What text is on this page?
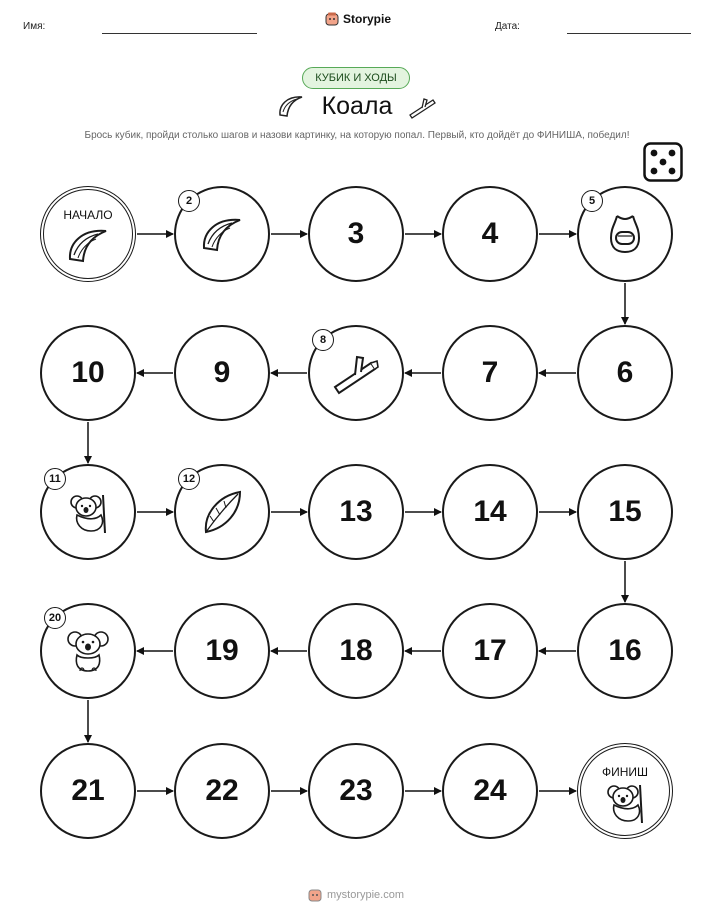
Имя:
Storypie
Дата:
КУБИК И ХОДЫ
Коала
Брось кубик, пройди столько шагов и назови картинку, на которую попал. Первый, кто дойдёт до ФИНИША, победил!
НАЧАЛО
2
3	4
5
6
7
8
9
10
11	12
13	14	15
16
17
18
19
20
21	22	23	24
ФИНИШ
mystorypie.com
